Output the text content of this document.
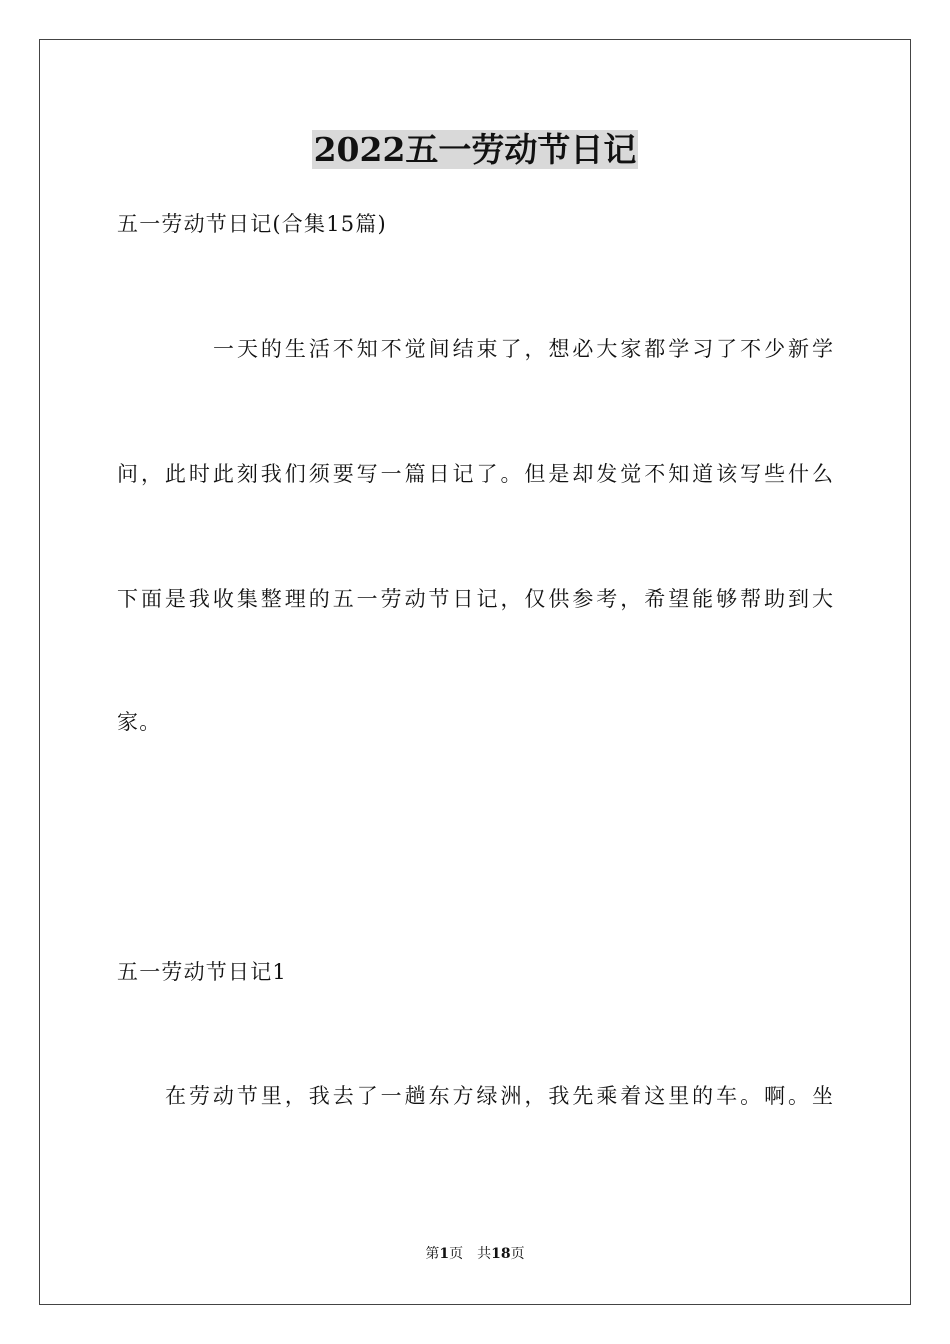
2022五一劳动节日记
五一劳动节日记(合集15篇)
一天的生活不知不觉间结束了，想必大家都学习了不少新学
问，此时此刻我们须要写一篇日记了。但是却发觉不知道该写些什么
下面是我收集整理的五一劳动节日记，仅供参考，希望能够帮助到大
家。
五一劳动节日记1
在劳动节里，我去了一趟东方绿洲，我先乘着这里的车。啊。坐
第1页　共18页
